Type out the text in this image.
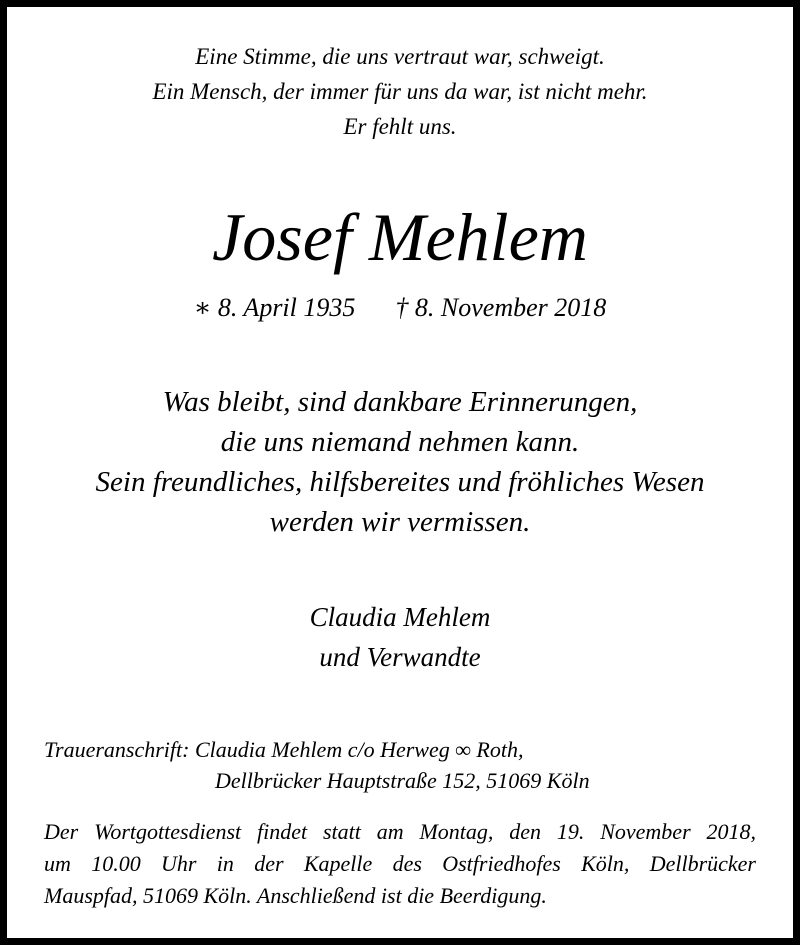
Eine Stimme, die uns vertraut war, schweigt.
Ein Mensch, der immer für uns da war, ist nicht mehr.
Er fehlt uns.
Josef Mehlem
∗ 8. April 1935 † 8. November 2018
Was bleibt, sind dankbare Erinnerungen,
die uns niemand nehmen kann.
Sein freundliches, hilfsbereites und fröhliches Wesen
werden wir vermissen.
Claudia Mehlem
und Verwandte
Traueranschrift: Claudia Mehlem c/o Herweg ∞ Roth,
Dellbrücker Hauptstraße 152, 51069 Köln
Der Wortgottesdienst findet statt am Montag, den 19. November 2018,
um 10.00 Uhr in der Kapelle des Ostfriedhofes Köln, Dellbrücker
Mauspfad, 51069 Köln. Anschließend ist die Beerdigung.
